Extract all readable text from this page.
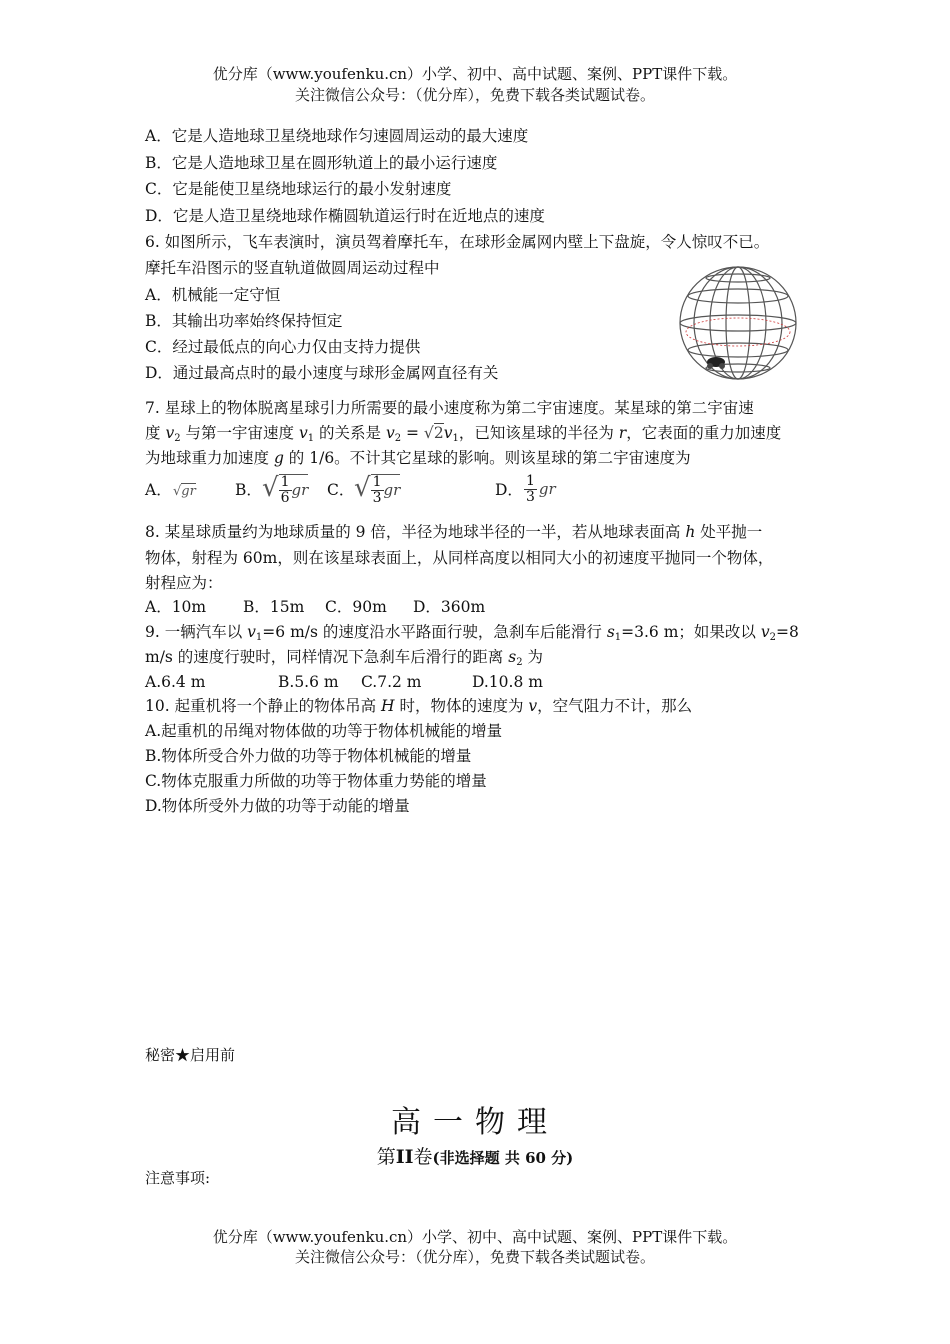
优分库（www.youfenku.cn）小学、初中、高中试题、案例、PPT课件下载。
关注微信公众号：（优分库），免费下载各类试题试卷。
A．它是人造地球卫星绕地球作匀速圆周运动的最大速度
B．它是人造地球卫星在圆形轨道上的最小运行速度
C．它是能使卫星绕地球运行的最小发射速度
D．它是人造卫星绕地球作椭圆轨道运行时在近地点的速度
6. 如图所示，飞车表演时，演员驾着摩托车，在球形金属网内壁上下盘旋，令人惊叹不已。
摩托车沿图示的竖直轨道做圆周运动过程中
A．机械能一定守恒
B．其输出功率始终保持恒定
C．经过最低点的向心力仅由支持力提供
D．通过最高点时的最小速度与球形金属网直径有关
7. 星球上的物体脱离星球引力所需要的最小速度称为第二宇宙速度。某星球的第二宇宙速
度 $v_2$ 与第一宇宙速度 $v_1$ 的关系是 $v_2 = √2v_1$，已知该星球的半径为 r，它表面的重力加速度
为地球重力加速度 g 的 1/6。不计其它星球的影响。则该星球的第二宇宙速度为
A． √gr	B． √ $\frac{1}{6}$ gr C． √ $\frac{1}{3}$ gr	D． $\frac{1}{3}$ gr
8. 某星球质量约为地球质量的 9 倍，半径为地球半径的一半，若从地球表面高 h 处平抛一
物体，射程为 60m，则在该星球表面上，从同样高度以相同大小的初速度平抛同一个物体，
射程应为：
A．10m B．15m C．90m D．360m
9. 一辆汽车以 $v_1=6$ m/s 的速度沿水平路面行驶，急刹车后能滑行 $s_1=3.6$ m；如果改以 $v_2=8$
m/s 的速度行驶时，同样情况下急刹车后滑行的距离 $s_2$ 为
A.6.4 m	B.5.6 m C.7.2 m	D.10.8 m
10. 起重机将一个静止的物体吊高 H 时，物体的速度为 v，空气阻力不计，那么
A.起重机的吊绳对物体做的功等于物体机械能的增量
B.物体所受合外力做的功等于物体机械能的增量
C.物体克服重力所做的功等于物体重力势能的增量
D.物体所受外力做的功等于动能的增量
秘密★启用前
高一物理
第II卷(非选择题 共 60 分)
注意事项:
优分库（www.youfenku.cn）小学、初中、高中试题、案例、PPT课件下载。
关注微信公众号：（优分库），免费下载各类试题试卷。
